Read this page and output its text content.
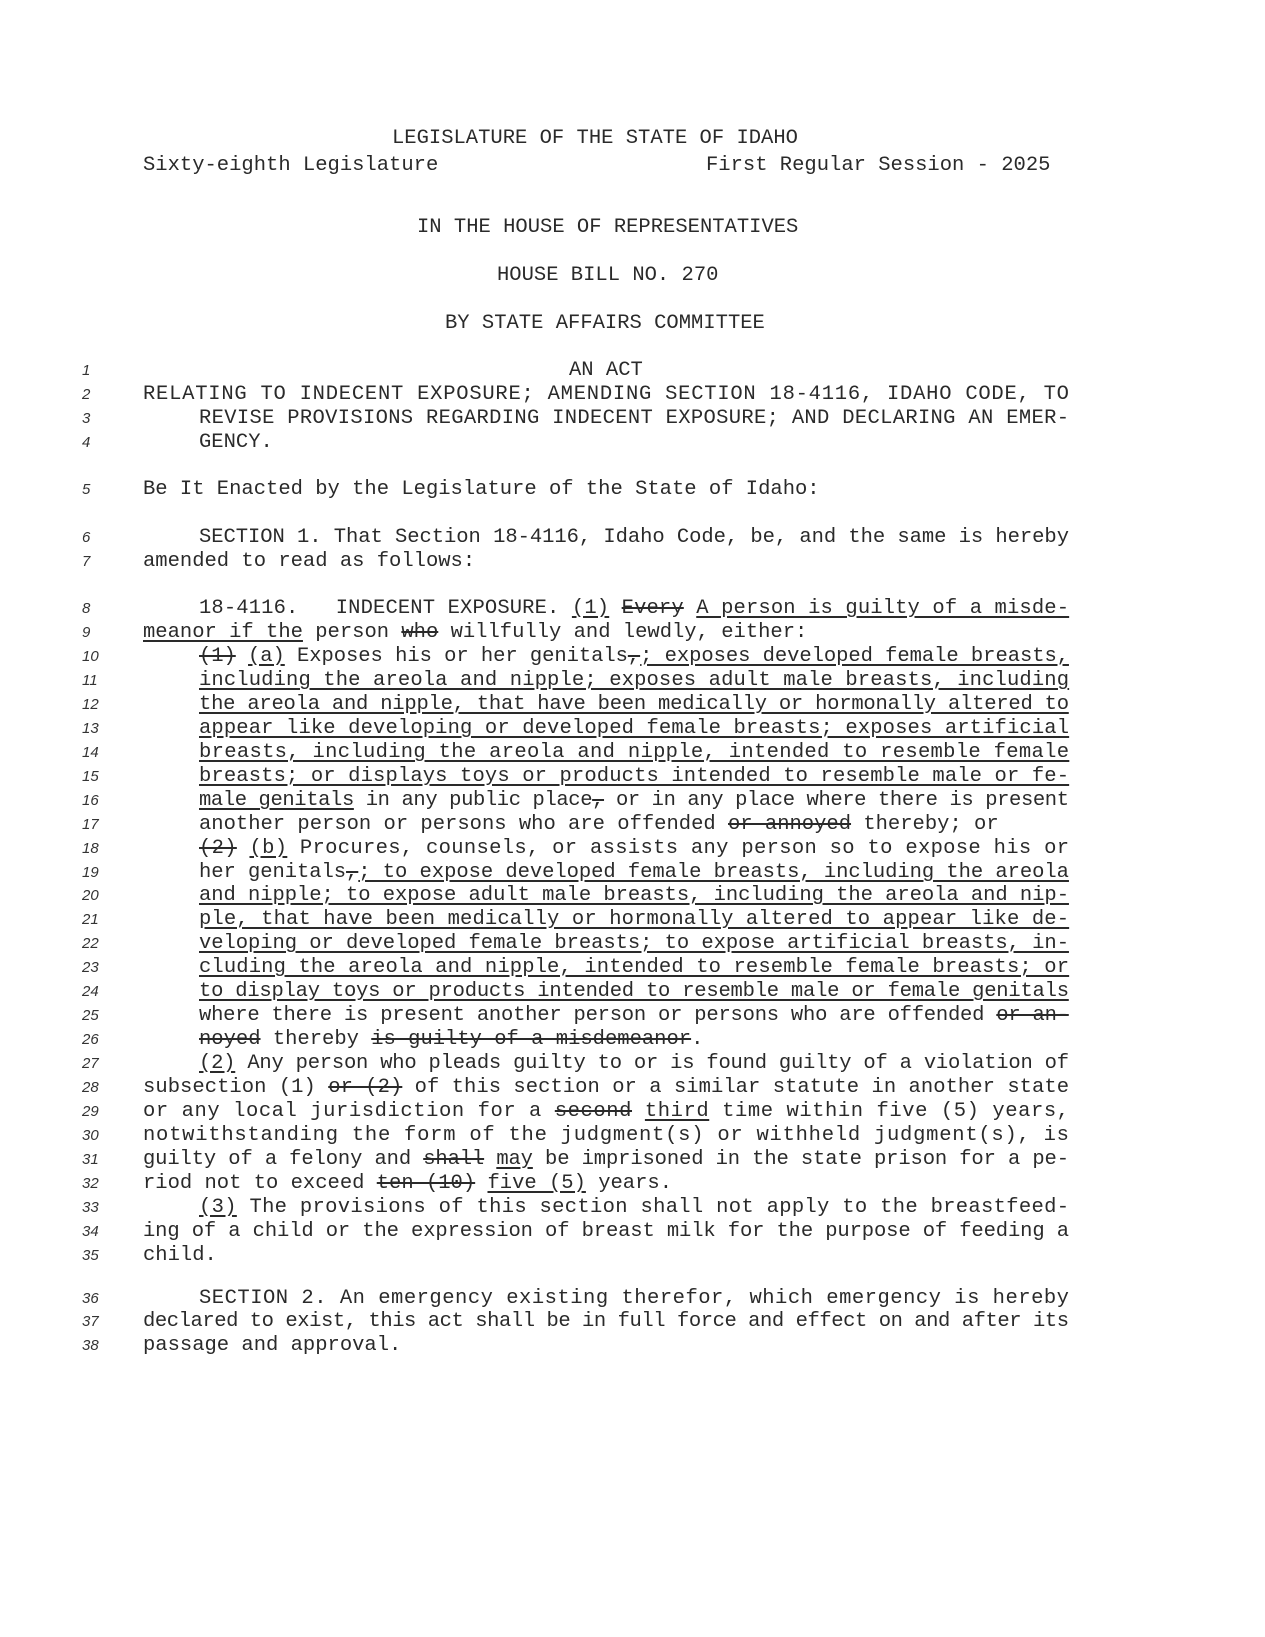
LEGISLATURE OF THE STATE OF IDAHO
Sixty-eighth Legislature	First Regular Session - 2025
IN THE HOUSE OF REPRESENTATIVES
HOUSE BILL NO. 270
BY STATE AFFAIRS COMMITTEE
1	AN ACT
2	RELATING TO INDECENT EXPOSURE; AMENDING SECTION 18-4116, IDAHO CODE, TO
3	REVISE PROVISIONS REGARDING INDECENT EXPOSURE; AND DECLARING AN EMER-
4	GENCY.
5	Be It Enacted by the Legislature of the State of Idaho:
6	SECTION 1. That Section 18-4116, Idaho Code, be, and the same is hereby
7	amended to read as follows:
8	18-4116.   INDECENT EXPOSURE. (1) Every A person is guilty of a misde-
9	meanor if the person who willfully and lewdly, either:
10	(1) (a) Exposes his or her genitals,; exposes developed female breasts,
11	including the areola and nipple; exposes adult male breasts, including
12	the areola and nipple, that have been medically or hormonally altered to
13	appear like developing or developed female breasts; exposes artificial
14	breasts, including the areola and nipple, intended to resemble female
15	breasts; or displays toys or products intended to resemble male or fe-
16	male genitals in any public place, or in any place where there is present
17	another person or persons who are offended or annoyed thereby; or
18	(2) (b) Procures, counsels, or assists any person so to expose his or
19	her genitals,; to expose developed female breasts, including the areola
20	and nipple; to expose adult male breasts, including the areola and nip-
21	ple, that have been medically or hormonally altered to appear like de-
22	veloping or developed female breasts; to expose artificial breasts, in-
23	cluding the areola and nipple, intended to resemble female breasts; or
24	to display toys or products intended to resemble male or female genitals
25	where there is present another person or persons who are offended or an-
26	noyed thereby is guilty of a misdemeanor.
27	(2) Any person who pleads guilty to or is found guilty of a violation of
28	subsection (1) or (2) of this section or a similar statute in another state
29	or any local jurisdiction for a second third time within five (5) years,
30	notwithstanding the form of the judgment(s) or withheld judgment(s), is
31	guilty of a felony and shall may be imprisoned in the state prison for a pe-
32	riod not to exceed ten (10) five (5) years.
33	(3) The provisions of this section shall not apply to the breastfeed-
34	ing of a child or the expression of breast milk for the purpose of feeding a
35	child.
36	SECTION 2. An emergency existing therefor, which emergency is hereby
37	declared to exist, this act shall be in full force and effect on and after its
38	passage and approval.
